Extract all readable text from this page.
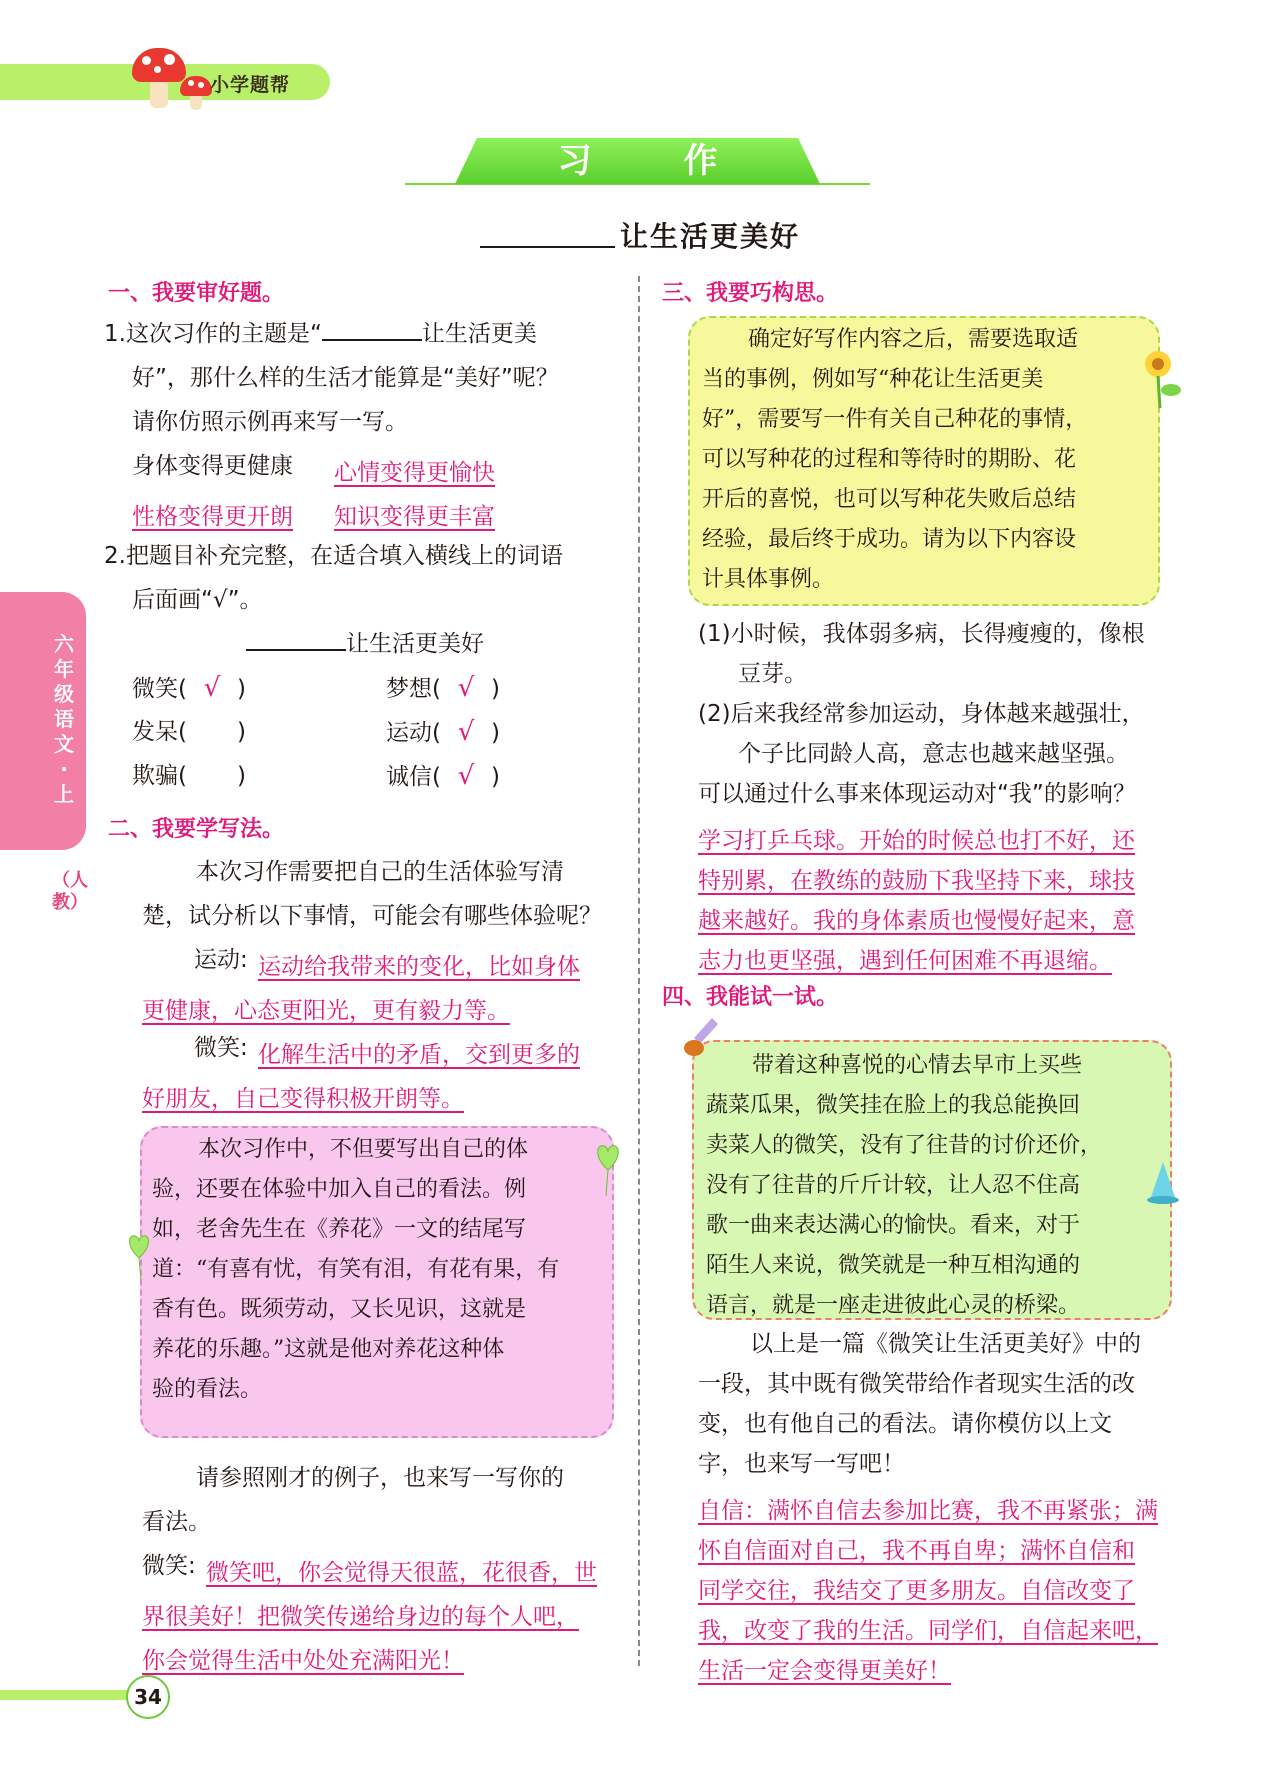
小学题帮
习 作
让生活更美好
六年级语文·上
（人教）
一、我要审好题。
1.这次习作的主题是“	让生活更美
好”，那什么样的生活才能算是“美好”呢？
请你仿照示例再来写一写。
身体变得更健康 心情变得更愉快
性格变得更开朗 知识变得更丰富
2.把题目补充完整，在适合填入横线上的词语
后面画“√”。
让生活更美好
微笑( √ )	梦想( √ )
发呆( )	运动( √ )
欺骗( )	诚信( √ )
二、我要学写法。
本次习作需要把自己的生活体验写清
楚，试分析以下事情，可能会有哪些体验呢？
运动: 运动给我带来的变化，比如身体
更健康，心态更阳光，更有毅力等。
微笑: 化解生活中的矛盾，交到更多的
好朋友，自己变得积极开朗等。
本次习作中，不但要写出自己的体
验，还要在体验中加入自己的看法。例
如，老舍先生在《养花》一文的结尾写
道：“有喜有忧，有笑有泪，有花有果，有
香有色。既须劳动，又长见识，这就是
养花的乐趣。”这就是他对养花这种体
验的看法。
请参照刚才的例子，也来写一写你的
看法。
微笑: 微笑吧，你会觉得天很蓝，花很香，世
界很美好！把微笑传递给身边的每个人吧，
你会觉得生活中处处充满阳光！
三、我要巧构思。
确定好写作内容之后，需要选取适
当的事例，例如写“种花让生活更美
好”，需要写一件有关自己种花的事情，
可以写种花的过程和等待时的期盼、花
开后的喜悦，也可以写种花失败后总结
经验，最后终于成功。请为以下内容设
计具体事例。
(1)小时候，我体弱多病，长得瘦瘦的，像根
豆芽。
(2)后来我经常参加运动，身体越来越强壮，
个子比同龄人高，意志也越来越坚强。
可以通过什么事来体现运动对“我”的影响？
学习打乒乓球。开始的时候总也打不好，还
特别累，在教练的鼓励下我坚持下来，球技
越来越好。我的身体素质也慢慢好起来，意
志力也更坚强，遇到任何困难不再退缩。
四、我能试一试。
带着这种喜悦的心情去早市上买些
蔬菜瓜果，微笑挂在脸上的我总能换回
卖菜人的微笑，没有了往昔的讨价还价，
没有了往昔的斤斤计较，让人忍不住高
歌一曲来表达满心的愉快。看来，对于
陌生人来说，微笑就是一种互相沟通的
语言，就是一座走进彼此心灵的桥梁。
以上是一篇《微笑让生活更美好》中的
一段，其中既有微笑带给作者现实生活的改
变，也有他自己的看法。请你模仿以上文
字，也来写一写吧！
自信：满怀自信去参加比赛，我不再紧张；满
怀自信面对自己，我不再自卑；满怀自信和
同学交往，我结交了更多朋友。自信改变了
我，改变了我的生活。同学们，自信起来吧，
生活一定会变得更美好！
34
